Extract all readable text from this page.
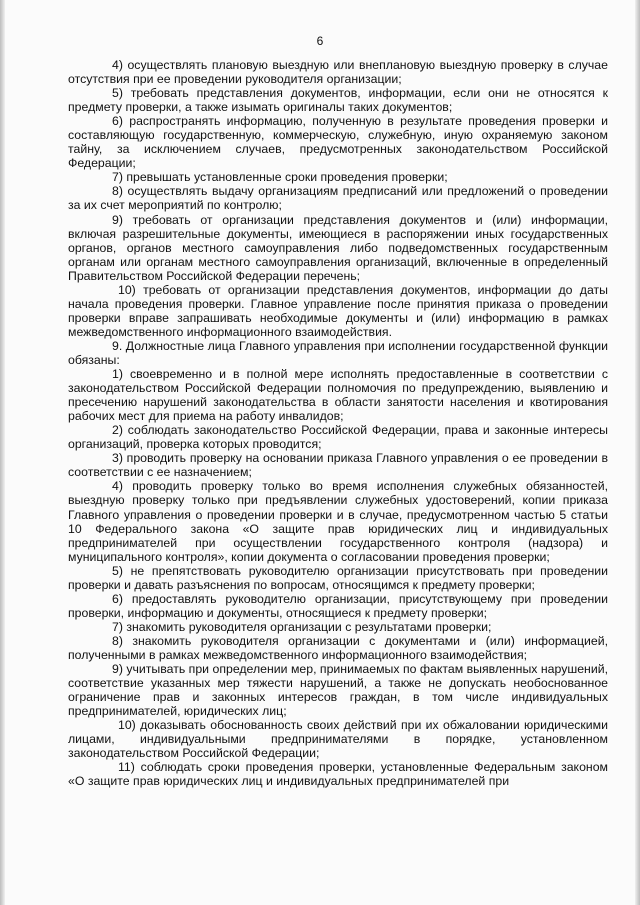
6

4) осуществлять плановую выездную или внеплановую выездную проверку в случае отсутствия при ее проведении руководителя организации;

5) требовать представления документов, информации, если они не относятся к предмету проверки, а также изымать оригиналы таких документов;

6) распространять информацию, полученную в результате проведения проверки и составляющую государственную, коммерческую, служебную, иную охраняемую законом тайну, за исключением случаев, предусмотренных законодательством Российской Федерации;

7) превышать установленные сроки проведения проверки;

8) осуществлять выдачу организациям предписаний или предложений о проведении за их счет мероприятий по контролю;

9) требовать от организации представления документов и (или) информации, включая разрешительные документы, имеющиеся в распоряжении иных государственных органов, органов местного самоуправления либо подведомственных государственным органам или органам местного самоуправления организаций, включенные в определенный Правительством Российской Федерации перечень;

10) требовать от организации представления документов, информации до даты начала проведения проверки. Главное управление после принятия приказа о проведении проверки вправе запрашивать необходимые документы и (или) информацию в рамках межведомственного информационного взаимодействия.

9. Должностные лица Главного управления при исполнении государственной функции обязаны:

1) своевременно и в полной мере исполнять предоставленные в соответствии с законодательством Российской Федерации полномочия по предупреждению, выявлению и пресечению нарушений законодательства в области занятости населения и квотирования рабочих мест для приема на работу инвалидов;

2) соблюдать законодательство Российской Федерации, права и законные интересы организаций, проверка которых проводится;

3) проводить проверку на основании приказа Главного управления о ее проведении в соответствии с ее назначением;

4) проводить проверку только во время исполнения служебных обязанностей, выездную проверку только при предъявлении служебных удостоверений, копии приказа Главного управления о проведении проверки и в случае, предусмотренном частью 5 статьи 10 Федерального закона «О защите прав юридических лиц и индивидуальных предпринимателей при осуществлении государственного контроля (надзора) и муниципального контроля», копии документа о согласовании проведения проверки;

5) не препятствовать руководителю организации присутствовать при проведении проверки и давать разъяснения по вопросам, относящимся к предмету проверки;

6) предоставлять руководителю организации, присутствующему при проведении проверки, информацию и документы, относящиеся к предмету проверки;

7) знакомить руководителя организации с результатами проверки;

8) знакомить руководителя организации с документами и (или) информацией, полученными в рамках межведомственного информационного взаимодействия;

9) учитывать при определении мер, принимаемых по фактам выявленных нарушений, соответствие указанных мер тяжести нарушений, а также не допускать необоснованное ограничение прав и законных интересов граждан, в том числе индивидуальных предпринимателей, юридических лиц;

10) доказывать обоснованность своих действий при их обжаловании юридическими лицами, индивидуальными предпринимателями в порядке, установленном законодательством Российской Федерации;

11) соблюдать сроки проведения проверки, установленные Федеральным законом «О защите прав юридических лиц и индивидуальных предпринимателей при
